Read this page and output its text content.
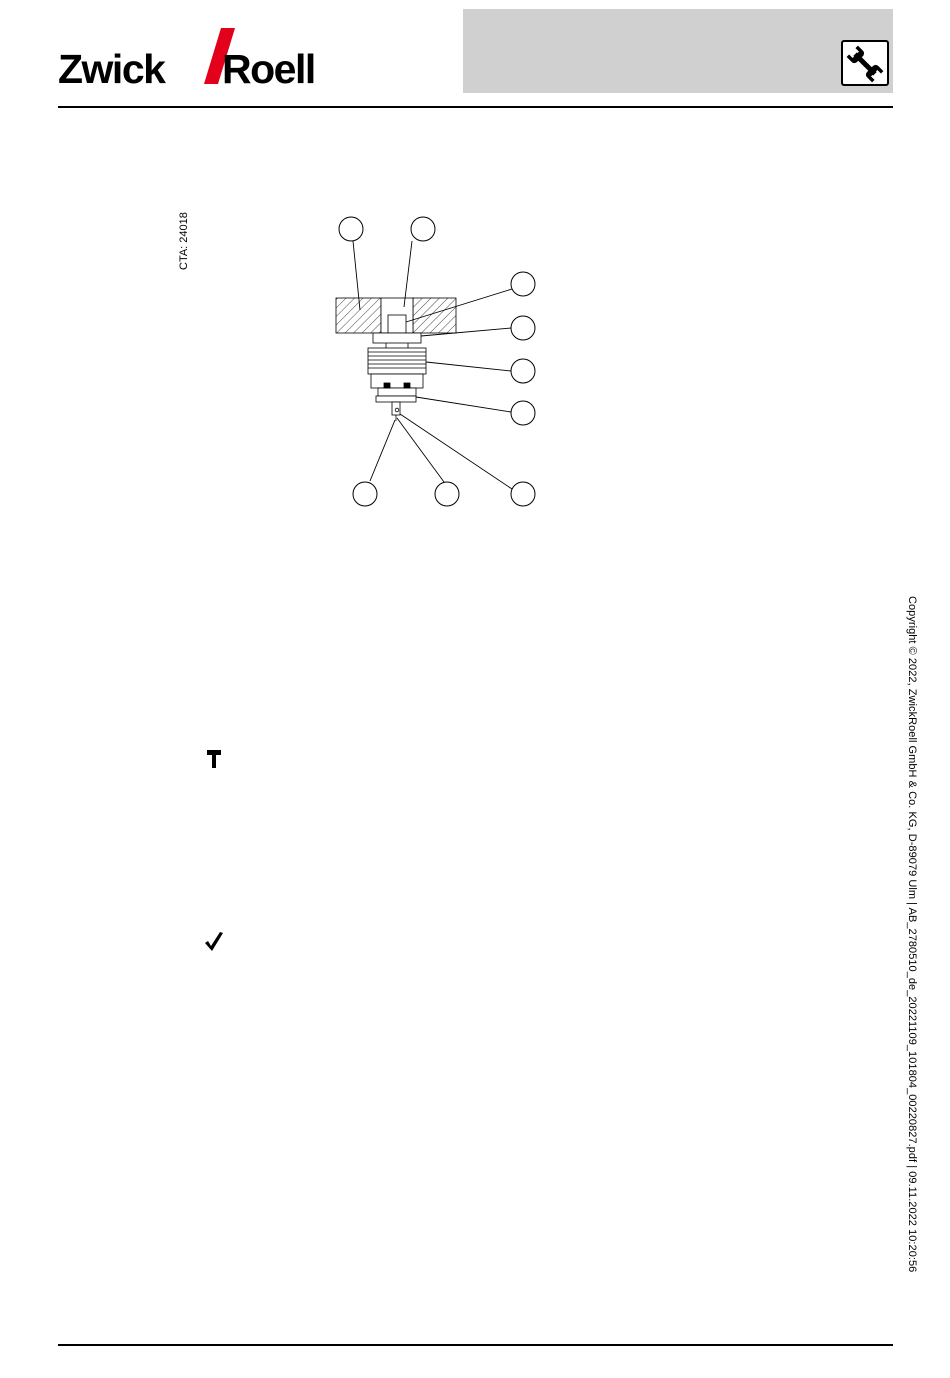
Zwick Roell
CTA: 24018
Copyright © 2022, ZwickRoell GmbH & Co. KG, D-89079 Ulm | AB_2780510_de_20221109_101804_00220827.pdf | 09.11.2022 10:20:56
